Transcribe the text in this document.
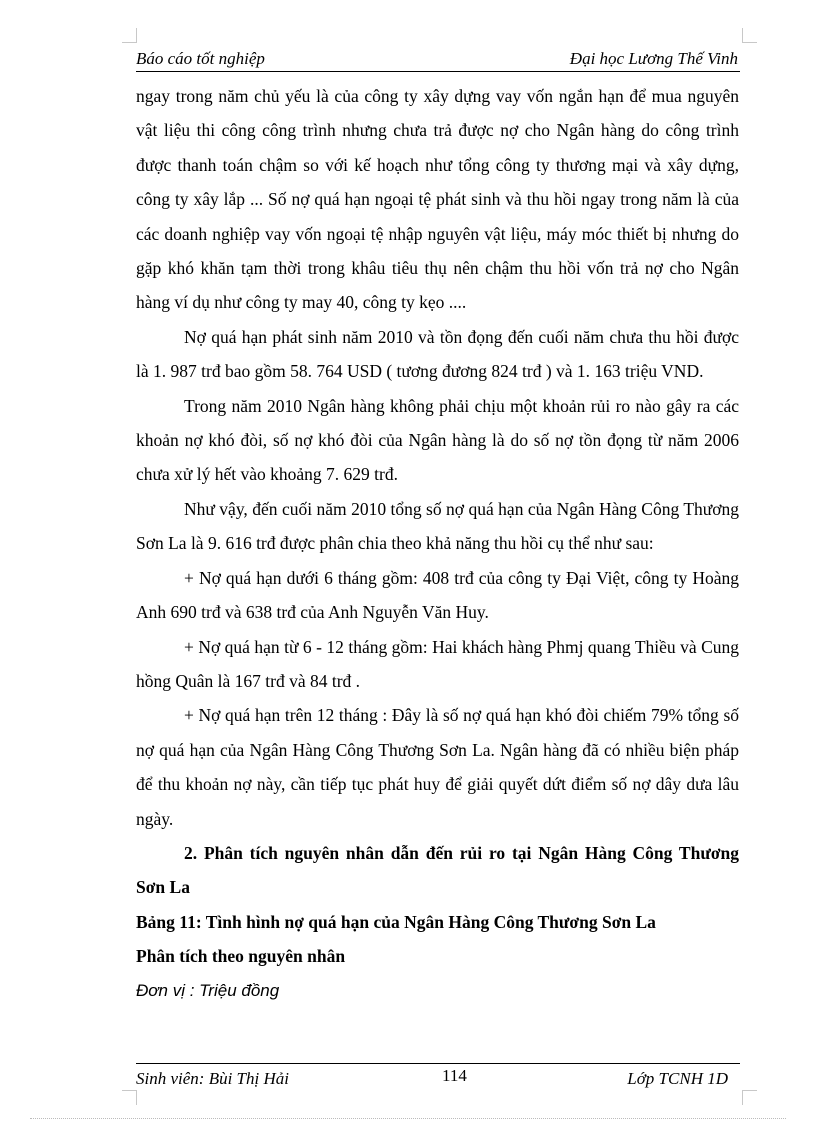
Báo cáo tốt nghiệp	Đại học Lương Thế Vinh

ngay trong năm chủ yếu là của công ty xây dựng vay vốn ngắn hạn để mua nguyên vật liệu thi công công trình nhưng chưa trả được nợ cho Ngân hàng do công trình được thanh toán chậm so với kế hoạch như tổng công ty thương mại và xây dựng, công ty xây lắp ... Số nợ quá hạn ngoại tệ phát sinh và thu hồi ngay trong năm là của các doanh nghiệp vay vốn ngoại tệ nhập nguyên vật liệu, máy móc thiết bị nhưng do gặp khó khăn tạm thời trong khâu tiêu thụ nên chậm thu hồi vốn trả nợ cho Ngân hàng ví dụ như công ty may 40, công ty kẹo ....

Nợ quá hạn phát sinh năm 2010 và tồn đọng đến cuối năm chưa thu hồi được là 1. 987 trđ bao gồm 58. 764 USD ( tương đương 824 trđ ) và 1. 163 triệu VND.

Trong năm 2010 Ngân hàng không phải chịu một khoản rủi ro nào gây ra các khoản nợ khó đòi, số nợ khó đòi của Ngân hàng là do số nợ tồn đọng từ năm 2006 chưa xử lý hết vào khoảng 7. 629 trđ.

Như vậy, đến cuối năm 2010 tổng số nợ quá hạn của Ngân Hàng Công Thương Sơn La là 9. 616 trđ được phân chia theo khả năng thu hồi cụ thể như sau:

+ Nợ quá hạn dưới 6 tháng gồm: 408 trđ của công ty Đại Việt, công ty Hoàng Anh 690 trđ và 638 trđ của Anh Nguyễn Văn Huy.

+ Nợ quá hạn từ 6 - 12 tháng gồm: Hai khách hàng Phmj quang Thiều và Cung hồng Quân là 167 trđ và 84 trđ .

+ Nợ quá hạn trên 12 tháng : Đây là số nợ quá hạn khó đòi chiếm 79% tổng số nợ quá hạn của Ngân Hàng Công Thương Sơn La. Ngân hàng đã có nhiều biện pháp để thu khoản nợ này, cần tiếp tục phát huy để giải quyết dứt điểm số nợ dây dưa lâu ngày.

2. Phân tích nguyên nhân dẫn đến rủi ro tại Ngân Hàng Công Thương Sơn La

Bảng 11: Tình hình nợ quá hạn của Ngân Hàng Công Thương Sơn La

Phân tích theo nguyên nhân

Đơn vị : Triệu đồng

Sinh viên: Bùi Thị Hải	114	Lớp TCNH 1D
